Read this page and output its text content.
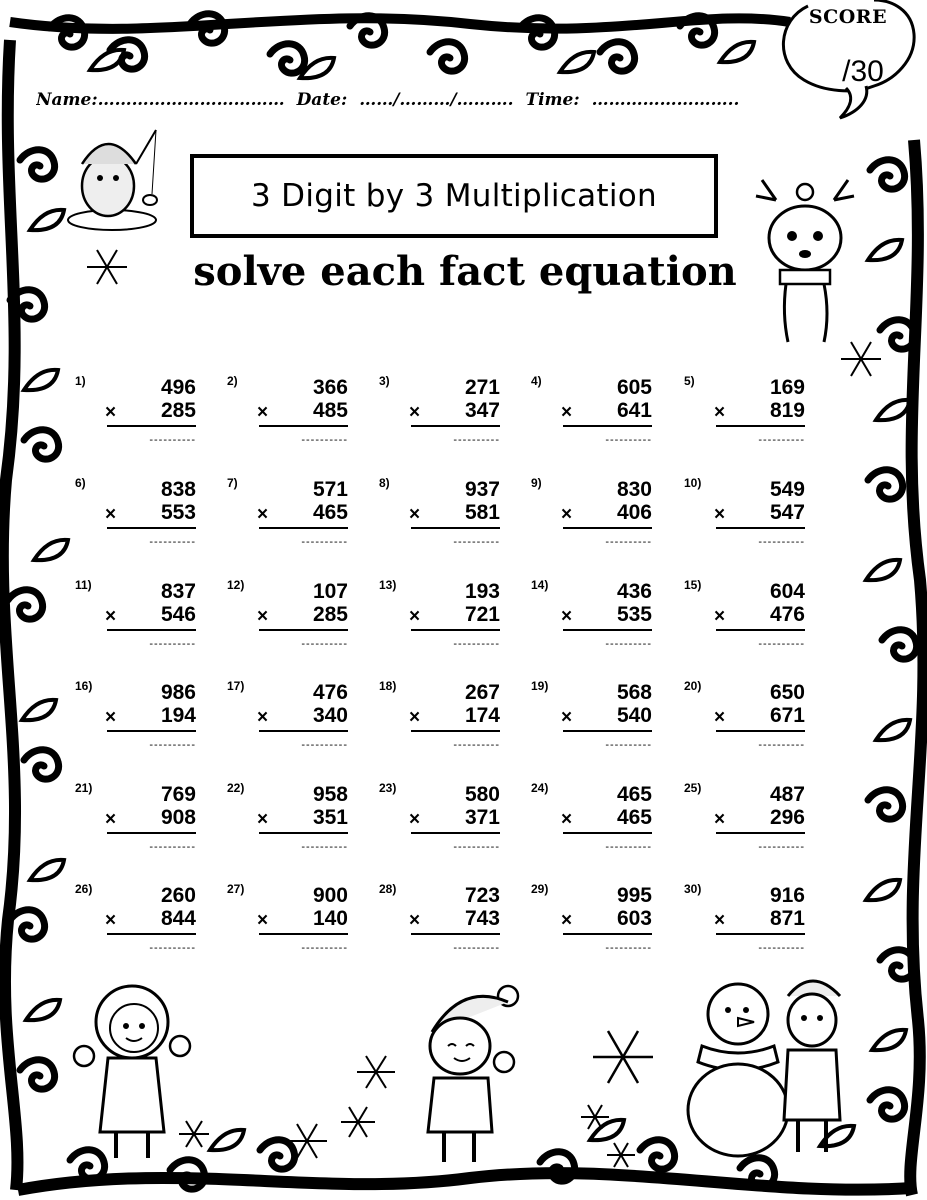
Name:…………………………… Date: ……/………/………. Time: ……………………..
SCORE
/30
3 Digit by 3 Multiplication
solve each fact equation
1)	496
× 285
----------
2)	366
× 485
----------
3)	271
× 347
----------
4)	605
× 641
----------
5)	169
× 819
----------
6)	838
× 553
----------
7)	571
× 465
----------
8)	937
× 581
----------
9)	830
× 406
----------
10)	549
× 547
----------
11)	837
× 546
----------
12)	107
× 285
----------
13)	193
× 721
----------
14)	436
× 535
----------
15)	604
× 476
----------
16)	986
× 194
----------
17)	476
× 340
----------
18)	267
× 174
----------
19)	568
× 540
----------
20)	650
× 671
----------
21)	769
× 908
----------
22)	958
× 351
----------
23)	580
× 371
----------
24)	465
× 465
----------
25)	487
× 296
----------
26)	260
× 844
----------
27)	900
× 140
----------
28)	723
× 743
----------
29)	995
× 603
----------
30)	916
× 871
----------
